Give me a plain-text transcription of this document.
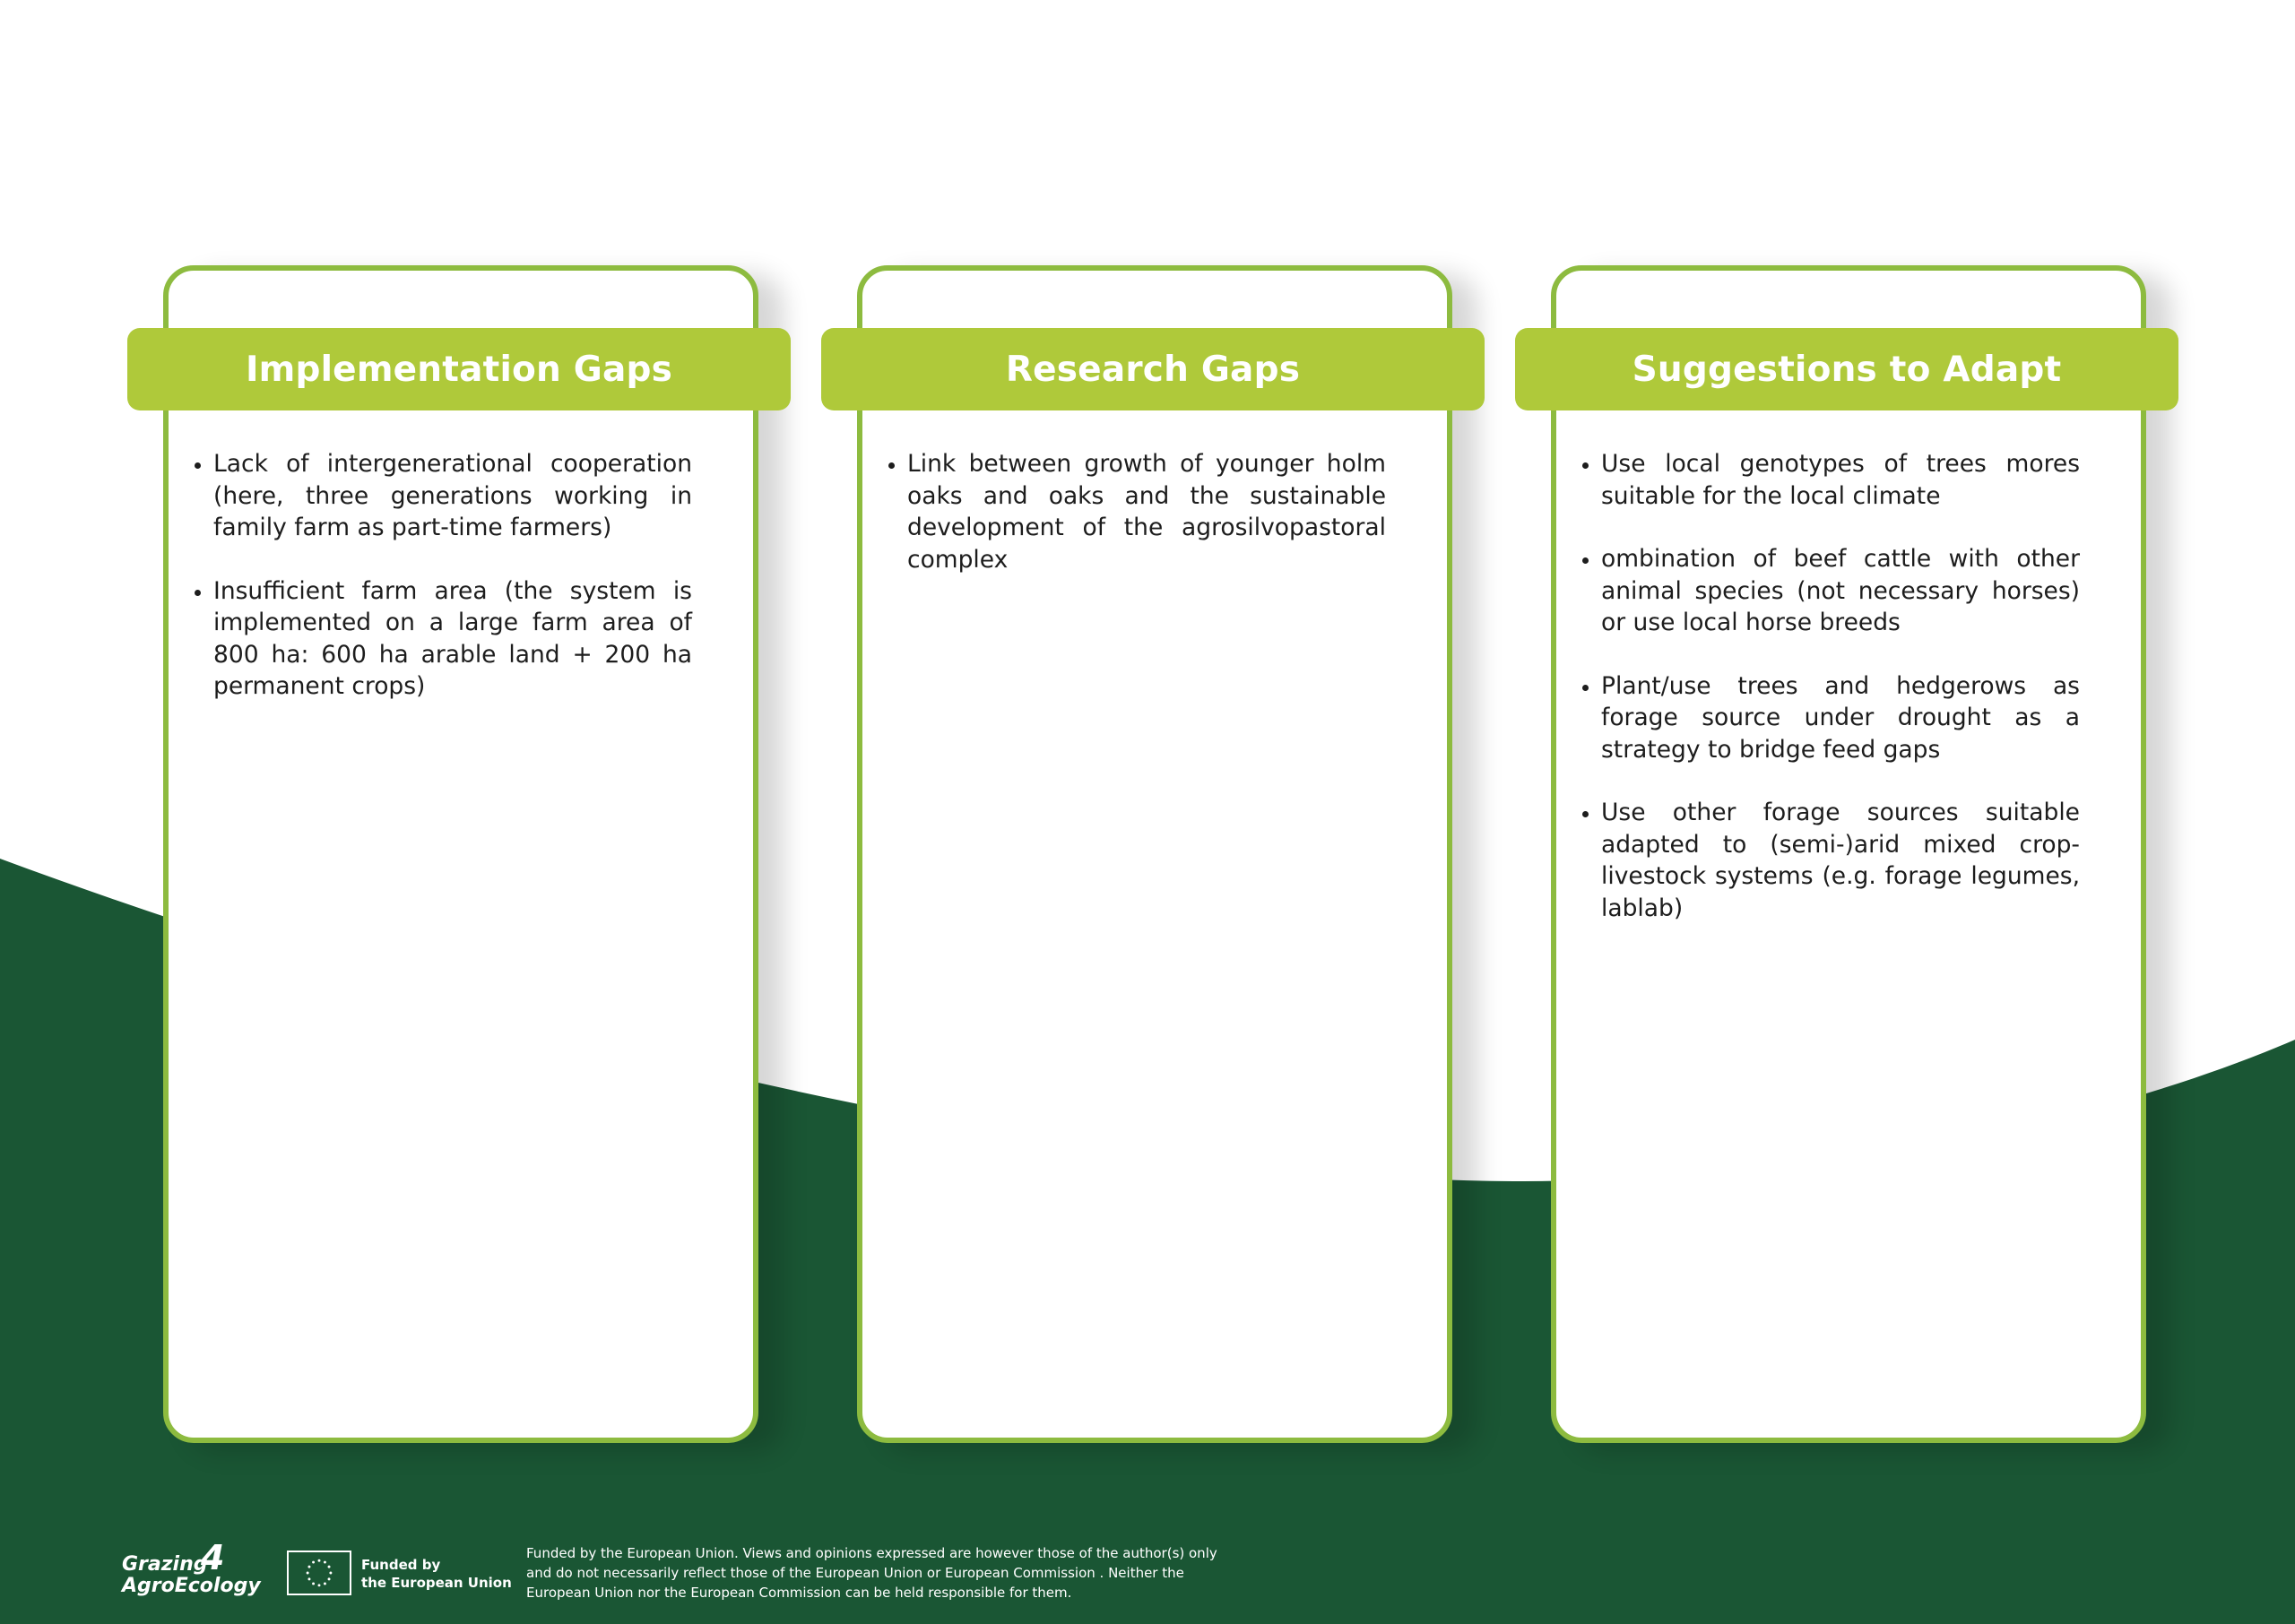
Implementation Gaps
• Lack of intergenerational cooperation (here, three generations working in family farm as part-time farmers)
• Insufficient farm area (the system is implemented on a large farm area of 800 ha: 600 ha arable land + 200 ha permanent crops)
Research Gaps
• Link between growth of younger holm oaks and oaks and the sustainable development of the agrosilvopastoral complex
Suggestions to Adapt
• Use local genotypes of trees mores suitable for the local climate
• ombination of beef cattle with other animal species (not necessary horses) or use local horse breeds
• Plant/use trees and hedgerows as forage source under drought as a strategy to bridge feed gaps
• Use other forage sources suitable adapted to (semi-)arid mixed crop-livestock systems (e.g. forage legumes, lablab)
Grazing
4
AgroEcology
Funded by
the European Union
Funded by the European Union. Views and opinions expressed are however those of the author(s) only and do not necessarily reflect those of the European Union or European Commission . Neither the European Union nor the European Commission can be held responsible for them.
